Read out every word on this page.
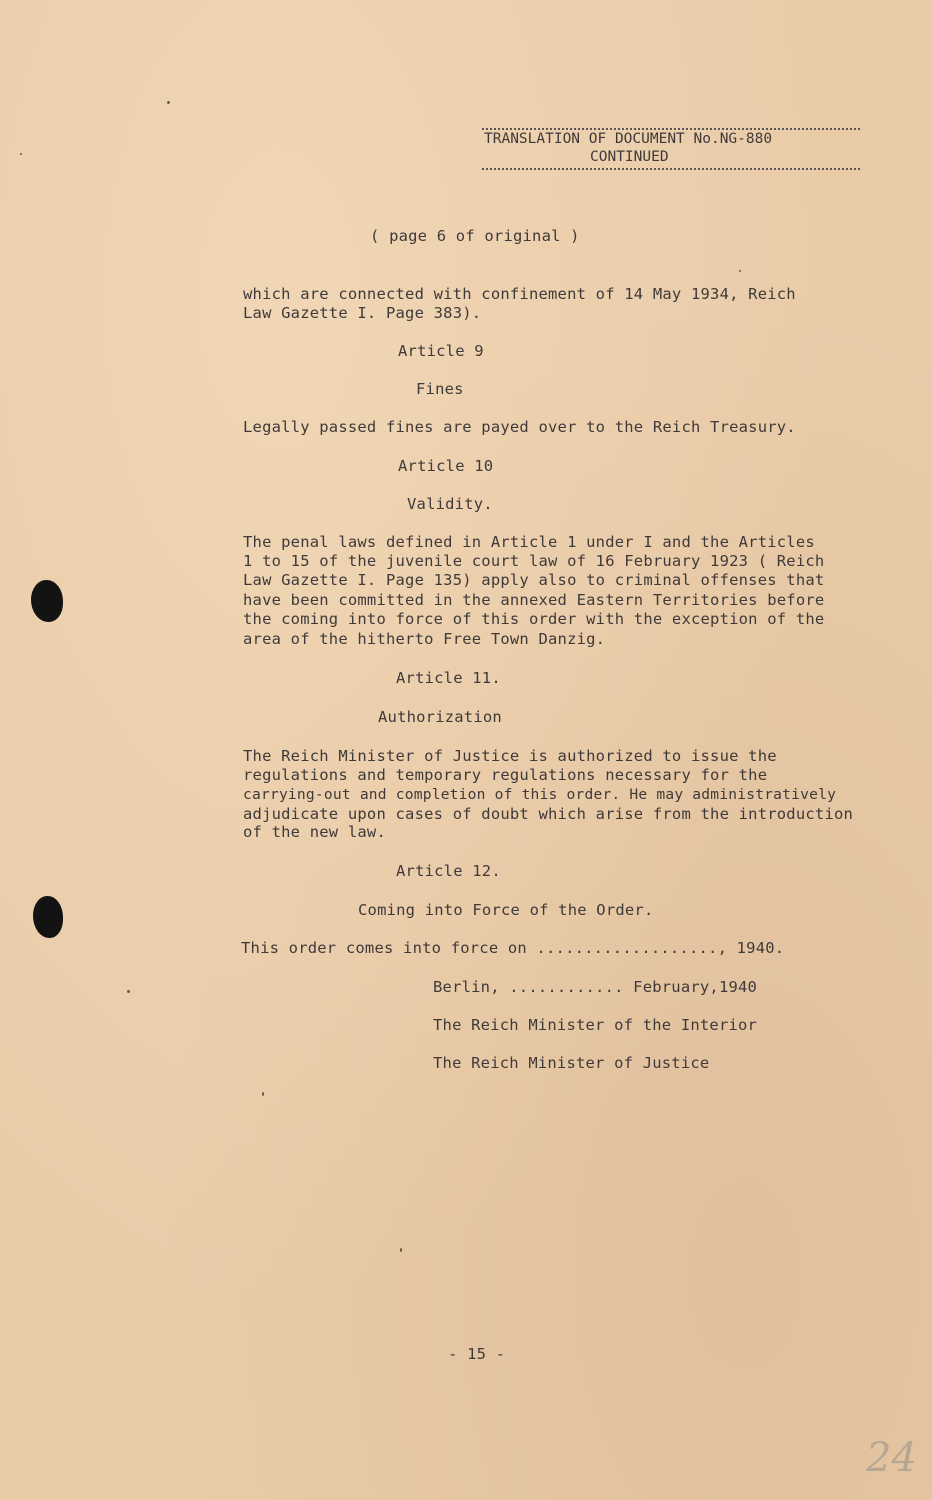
TRANSLATION OF DOCUMENT No.NG-880
CONTINUED
( page 6 of original )
which are connected with confinement of 14 May 1934, Reich
Law Gazette I. Page 383).
Article 9
Fines
Legally passed fines are payed over to the Reich Treasury.
Article 10
Validity.
The penal laws defined in Article 1 under I and the Articles
1 to 15 of the juvenile court law of 16 February 1923 ( Reich
Law Gazette I. Page 135) apply also to criminal offenses that
have been committed in the annexed Eastern Territories before
the coming into force of this order with the exception of the
area of the hitherto Free Town Danzig.
Article 11.
Authorization
The Reich Minister of Justice is authorized to issue the
regulations and temporary regulations necessary for the
carrying-out and completion of this order. He may administratively
adjudicate upon cases of doubt which arise from the introduction
of the new law.
Article 12.
Coming into Force of the Order.
This order comes into force on ..................., 1940.
Berlin, ............ February,1940
The Reich Minister of the Interior
The Reich Minister of Justice
- 15 -
24
